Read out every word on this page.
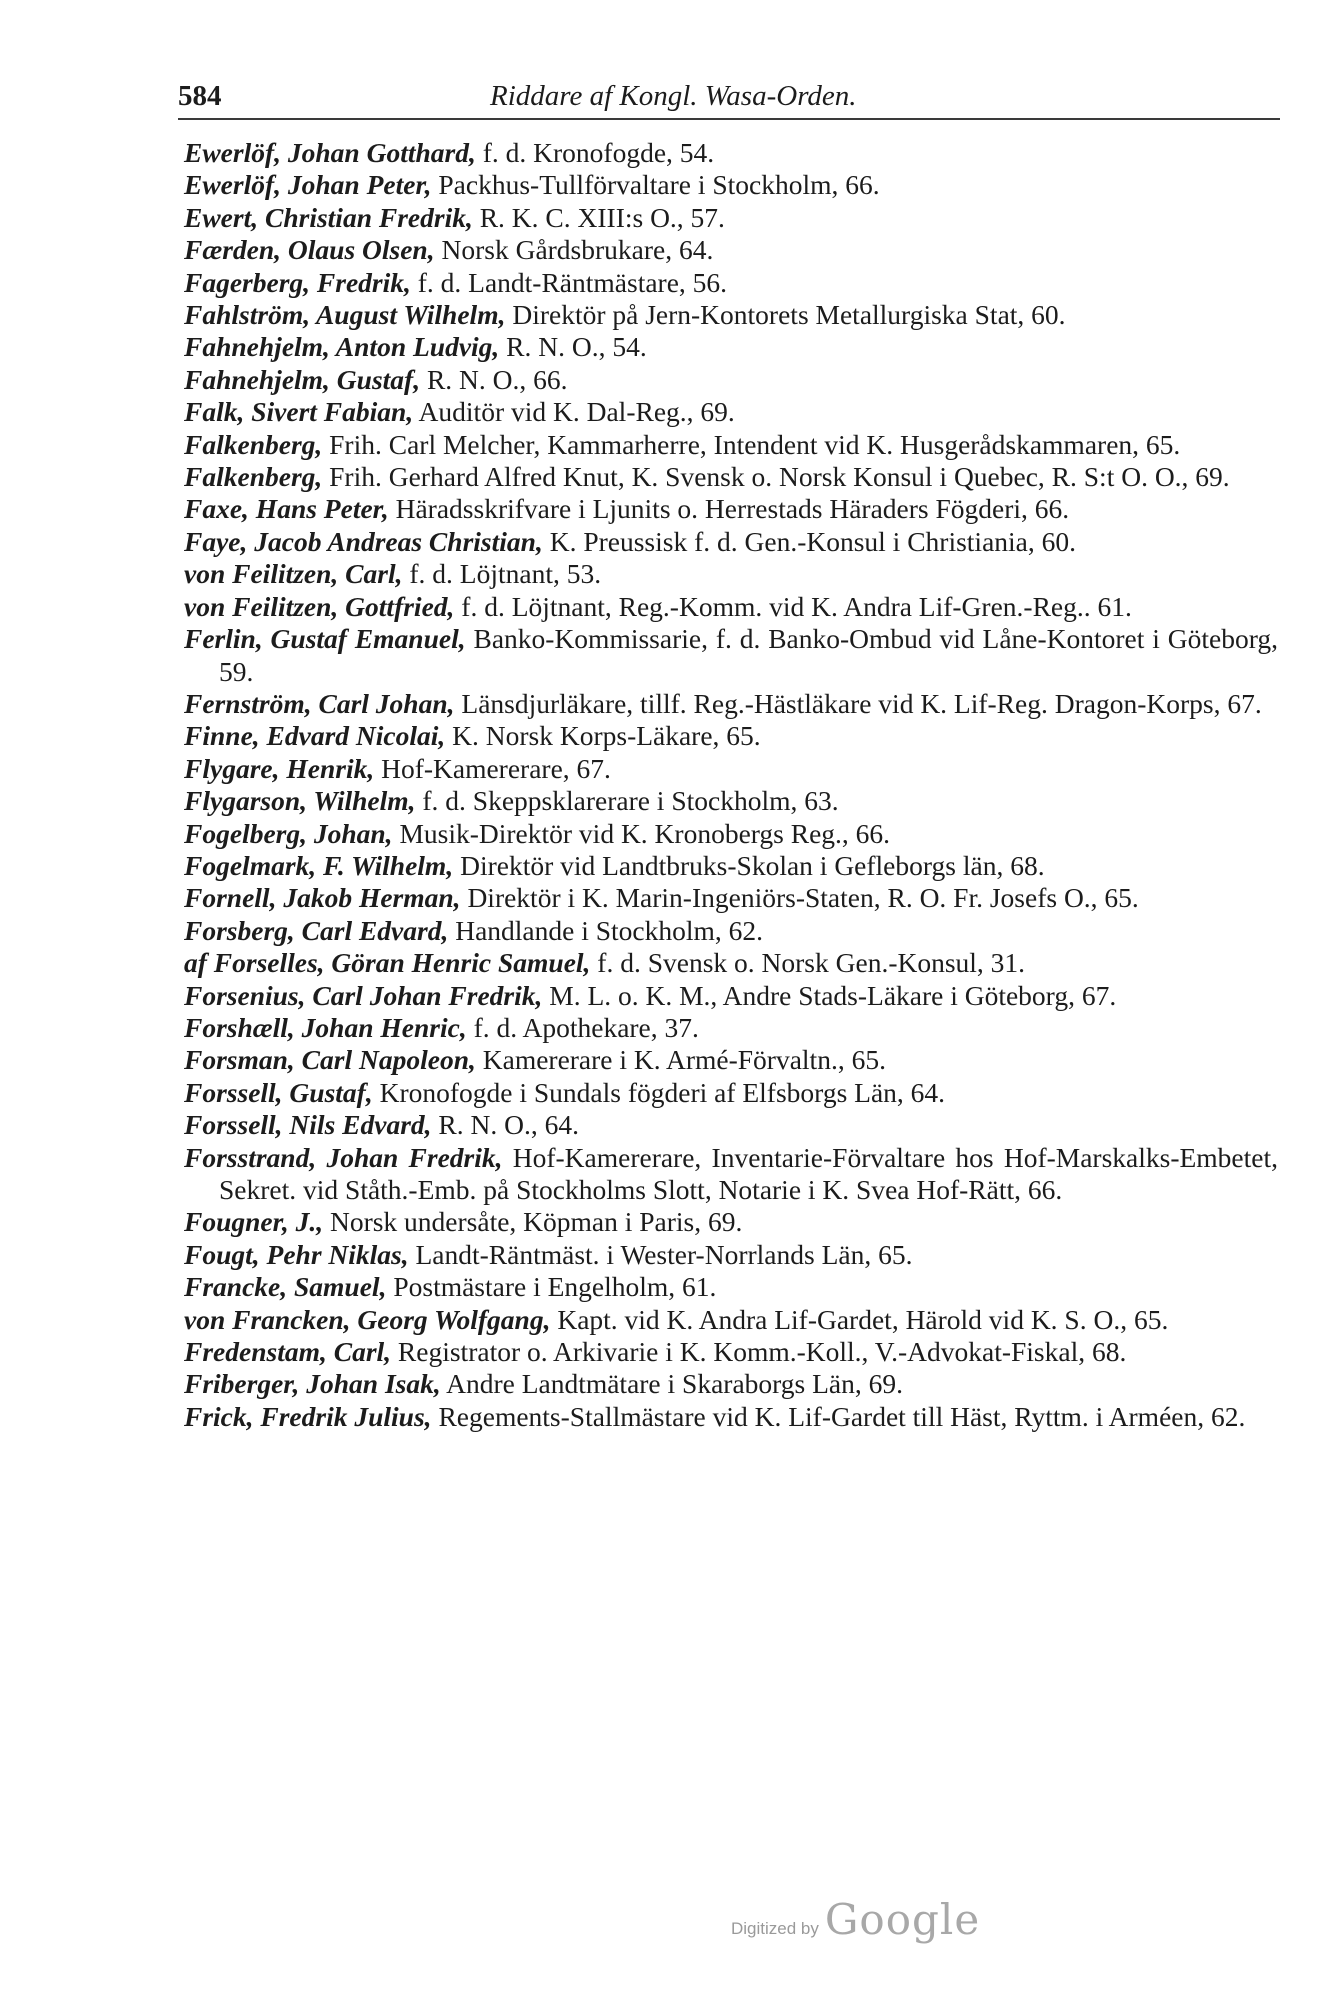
584	Riddare af Kongl. Wasa-Orden.

Ewerlöf, Johan Gotthard, f. d. Kronofogde, 54.

Ewerlöf, Johan Peter, Packhus-Tullförvaltare i Stockholm, 66.

Ewert, Christian Fredrik, R. K. C. XIII:s O., 57.

Færden, Olaus Olsen, Norsk Gårdsbrukare, 64.

Fagerberg, Fredrik, f. d. Landt-Räntmästare, 56.

Fahlström, August Wilhelm, Direktör på Jern-Kontorets Metallurgiska Stat, 60.

Fahnehjelm, Anton Ludvig, R. N. O., 54.

Fahnehjelm, Gustaf, R. N. O., 66.

Falk, Sivert Fabian, Auditör vid K. Dal-Reg., 69.

Falkenberg, Frih. Carl Melcher, Kammarherre, Intendent vid K. Husgerådskammaren, 65.

Falkenberg, Frih. Gerhard Alfred Knut, K. Svensk o. Norsk Konsul i Quebec, R. S:t O. O., 69.

Faxe, Hans Peter, Häradsskrifvare i Ljunits o. Herrestads Häraders Fögderi, 66.

Faye, Jacob Andreas Christian, K. Preussisk f. d. Gen.-Konsul i Christiania, 60.

von Feilitzen, Carl, f. d. Löjtnant, 53.

von Feilitzen, Gottfried, f. d. Löjtnant, Reg.-Komm. vid K. Andra Lif-Gren.-Reg.. 61.

Ferlin, Gustaf Emanuel, Banko-Kommissarie, f. d. Banko-Ombud vid Låne-Kontoret i Göteborg, 59.

Fernström, Carl Johan, Länsdjurläkare, tillf. Reg.-Hästläkare vid K. Lif-Reg. Dragon-Korps, 67.

Finne, Edvard Nicolai, K. Norsk Korps-Läkare, 65.

Flygare, Henrik, Hof-Kamererare, 67.

Flygarson, Wilhelm, f. d. Skeppsklarerare i Stockholm, 63.

Fogelberg, Johan, Musik-Direktör vid K. Kronobergs Reg., 66.

Fogelmark, F. Wilhelm, Direktör vid Landtbruks-Skolan i Gefleborgs län, 68.

Fornell, Jakob Herman, Direktör i K. Marin-Ingeniörs-Staten, R. O. Fr. Josefs O., 65.

Forsberg, Carl Edvard, Handlande i Stockholm, 62.

af Forselles, Göran Henric Samuel, f. d. Svensk o. Norsk Gen.-Konsul, 31.

Forsenius, Carl Johan Fredrik, M. L. o. K. M., Andre Stads-Läkare i Göteborg, 67.

Forshæll, Johan Henric, f. d. Apothekare, 37.

Forsman, Carl Napoleon, Kamererare i K. Armé-Förvaltn., 65.

Forssell, Gustaf, Kronofogde i Sundals fögderi af Elfsborgs Län, 64.

Forssell, Nils Edvard, R. N. O., 64.

Forsstrand, Johan Fredrik, Hof-Kamererare, Inventarie-Förvaltare hos Hof-Marskalks-Embetet, Sekret. vid Ståth.-Emb. på Stockholms Slott, Notarie i K. Svea Hof-Rätt, 66.

Fougner, J., Norsk undersåte, Köpman i Paris, 69.

Fougt, Pehr Niklas, Landt-Räntmäst. i Wester-Norrlands Län, 65.

Francke, Samuel, Postmästare i Engelholm, 61.

von Francken, Georg Wolfgang, Kapt. vid K. Andra Lif-Gardet, Härold vid K. S. O., 65.

Fredenstam, Carl, Registrator o. Arkivarie i K. Komm.-Koll., V.-Advokat-Fiskal, 68.

Friberger, Johan Isak, Andre Landtmätare i Skaraborgs Län, 69.

Frick, Fredrik Julius, Regements-Stallmästare vid K. Lif-Gardet till Häst, Ryttm. i Arméen, 62.

Digitized by Google
